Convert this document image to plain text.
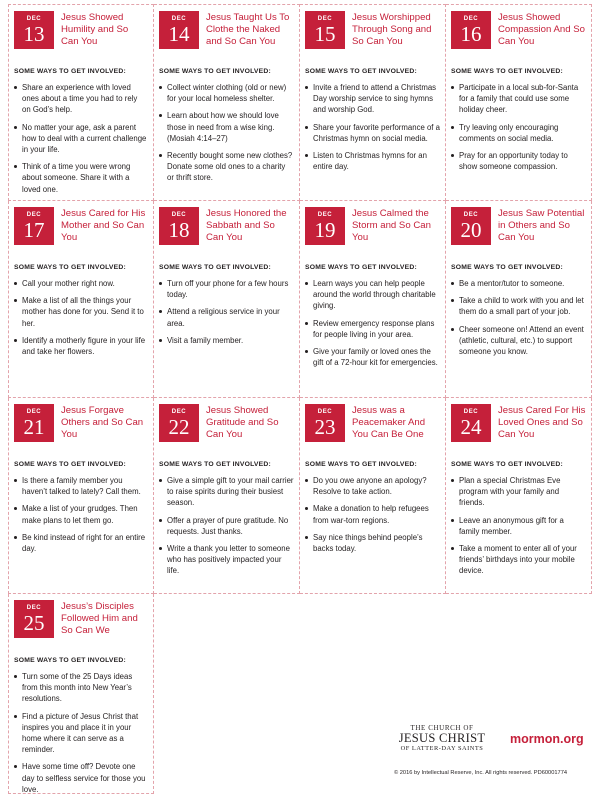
DEC
13
Jesus Showed Humility and So Can You
SOME WAYS TO GET INVOLVED:
Share an experience with loved ones about a time you had to rely on God’s help.
No matter your age, ask a parent how to deal with a current challenge in your life.
Think of a time you were wrong about someone. Share it with a loved one.
DEC
14
Jesus Taught Us To Clothe the Naked and So Can You
SOME WAYS TO GET INVOLVED:
Collect winter clothing (old or new) for your local homeless shelter.
Learn about how we should love those in need from a wise king. (Mosiah 4:14–27)
Recently bought some new clothes? Donate some old ones to a charity or thrift store.
DEC
15
Jesus Worshipped Through Song and So Can You
SOME WAYS TO GET INVOLVED:
Invite a friend to attend a Christmas Day worship service to sing hymns and worship God.
Share your favorite performance of a Christmas hymn on social media.
Listen to Christmas hymns for an entire day.
DEC
16
Jesus Showed Compassion And So Can You
SOME WAYS TO GET INVOLVED:
Participate in a local sub-for-Santa for a family that could use some holiday cheer.
Try leaving only encouraging comments on social media.
Pray for an opportunity today to show someone compassion.
DEC
17
Jesus Cared for His Mother and So Can You
SOME WAYS TO GET INVOLVED:
Call your mother right now.
Make a list of all the things your mother has done for you. Send it to her.
Identify a motherly figure in your life and take her flowers.
DEC
18
Jesus Honored the Sabbath and So Can You
SOME WAYS TO GET INVOLVED:
Turn off your phone for a few hours today.
Attend a religious service in your area.
Visit a family member.
DEC
19
Jesus Calmed the Storm and So Can You
SOME WAYS TO GET INVOLVED:
Learn ways you can help people around the world through charitable giving.
Review emergency response plans for people living in your area.
Give your family or loved ones the gift of a 72-hour kit for emergencies.
DEC
20
Jesus Saw Potential in Others and So Can You
SOME WAYS TO GET INVOLVED:
Be a mentor/tutor to someone.
Take a child to work with you and let them do a small part of your job.
Cheer someone on! Attend an event (athletic, cultural, etc.) to support someone you know.
DEC
21
Jesus Forgave Others and So Can You
SOME WAYS TO GET INVOLVED:
Is there a family member you haven’t talked to lately? Call them.
Make a list of your grudges. Then make plans to let them go.
Be kind instead of right for an entire day.
DEC
22
Jesus Showed Gratitude and So Can You
SOME WAYS TO GET INVOLVED:
Give a simple gift to your mail carrier to raise spirits during their busiest season.
Offer a prayer of pure gratitude. No requests. Just thanks.
Write a thank you letter to someone who has positively impacted your life.
DEC
23
Jesus was a Peacemaker And You Can Be One
SOME WAYS TO GET INVOLVED:
Do you owe anyone an apology? Resolve to take action.
Make a donation to help refugees from war-torn regions.
Say nice things behind people’s backs today.
DEC
24
Jesus Cared For His Loved Ones and So Can You
SOME WAYS TO GET INVOLVED:
Plan a special Christmas Eve program with your family and friends.
Leave an anonymous gift for a family member.
Take a moment to enter all of your friends’ birthdays into your mobile device.
DEC
25
Jesus’s Disciples Followed Him and So Can We
SOME WAYS TO GET INVOLVED:
Turn some of the 25 Days ideas from this month into New Year’s resolutions.
Find a picture of Jesus Christ that inspires you and place it in your home where it can serve as a reminder.
Have some time off? Devote one day to selfless service for those you love.
THE CHURCH OF
JESUS CHRIST
OF LATTER-DAY SAINTS
mormon.org
© 2016 by Intellectual Reserve, Inc. All rights reserved. PD60001774
